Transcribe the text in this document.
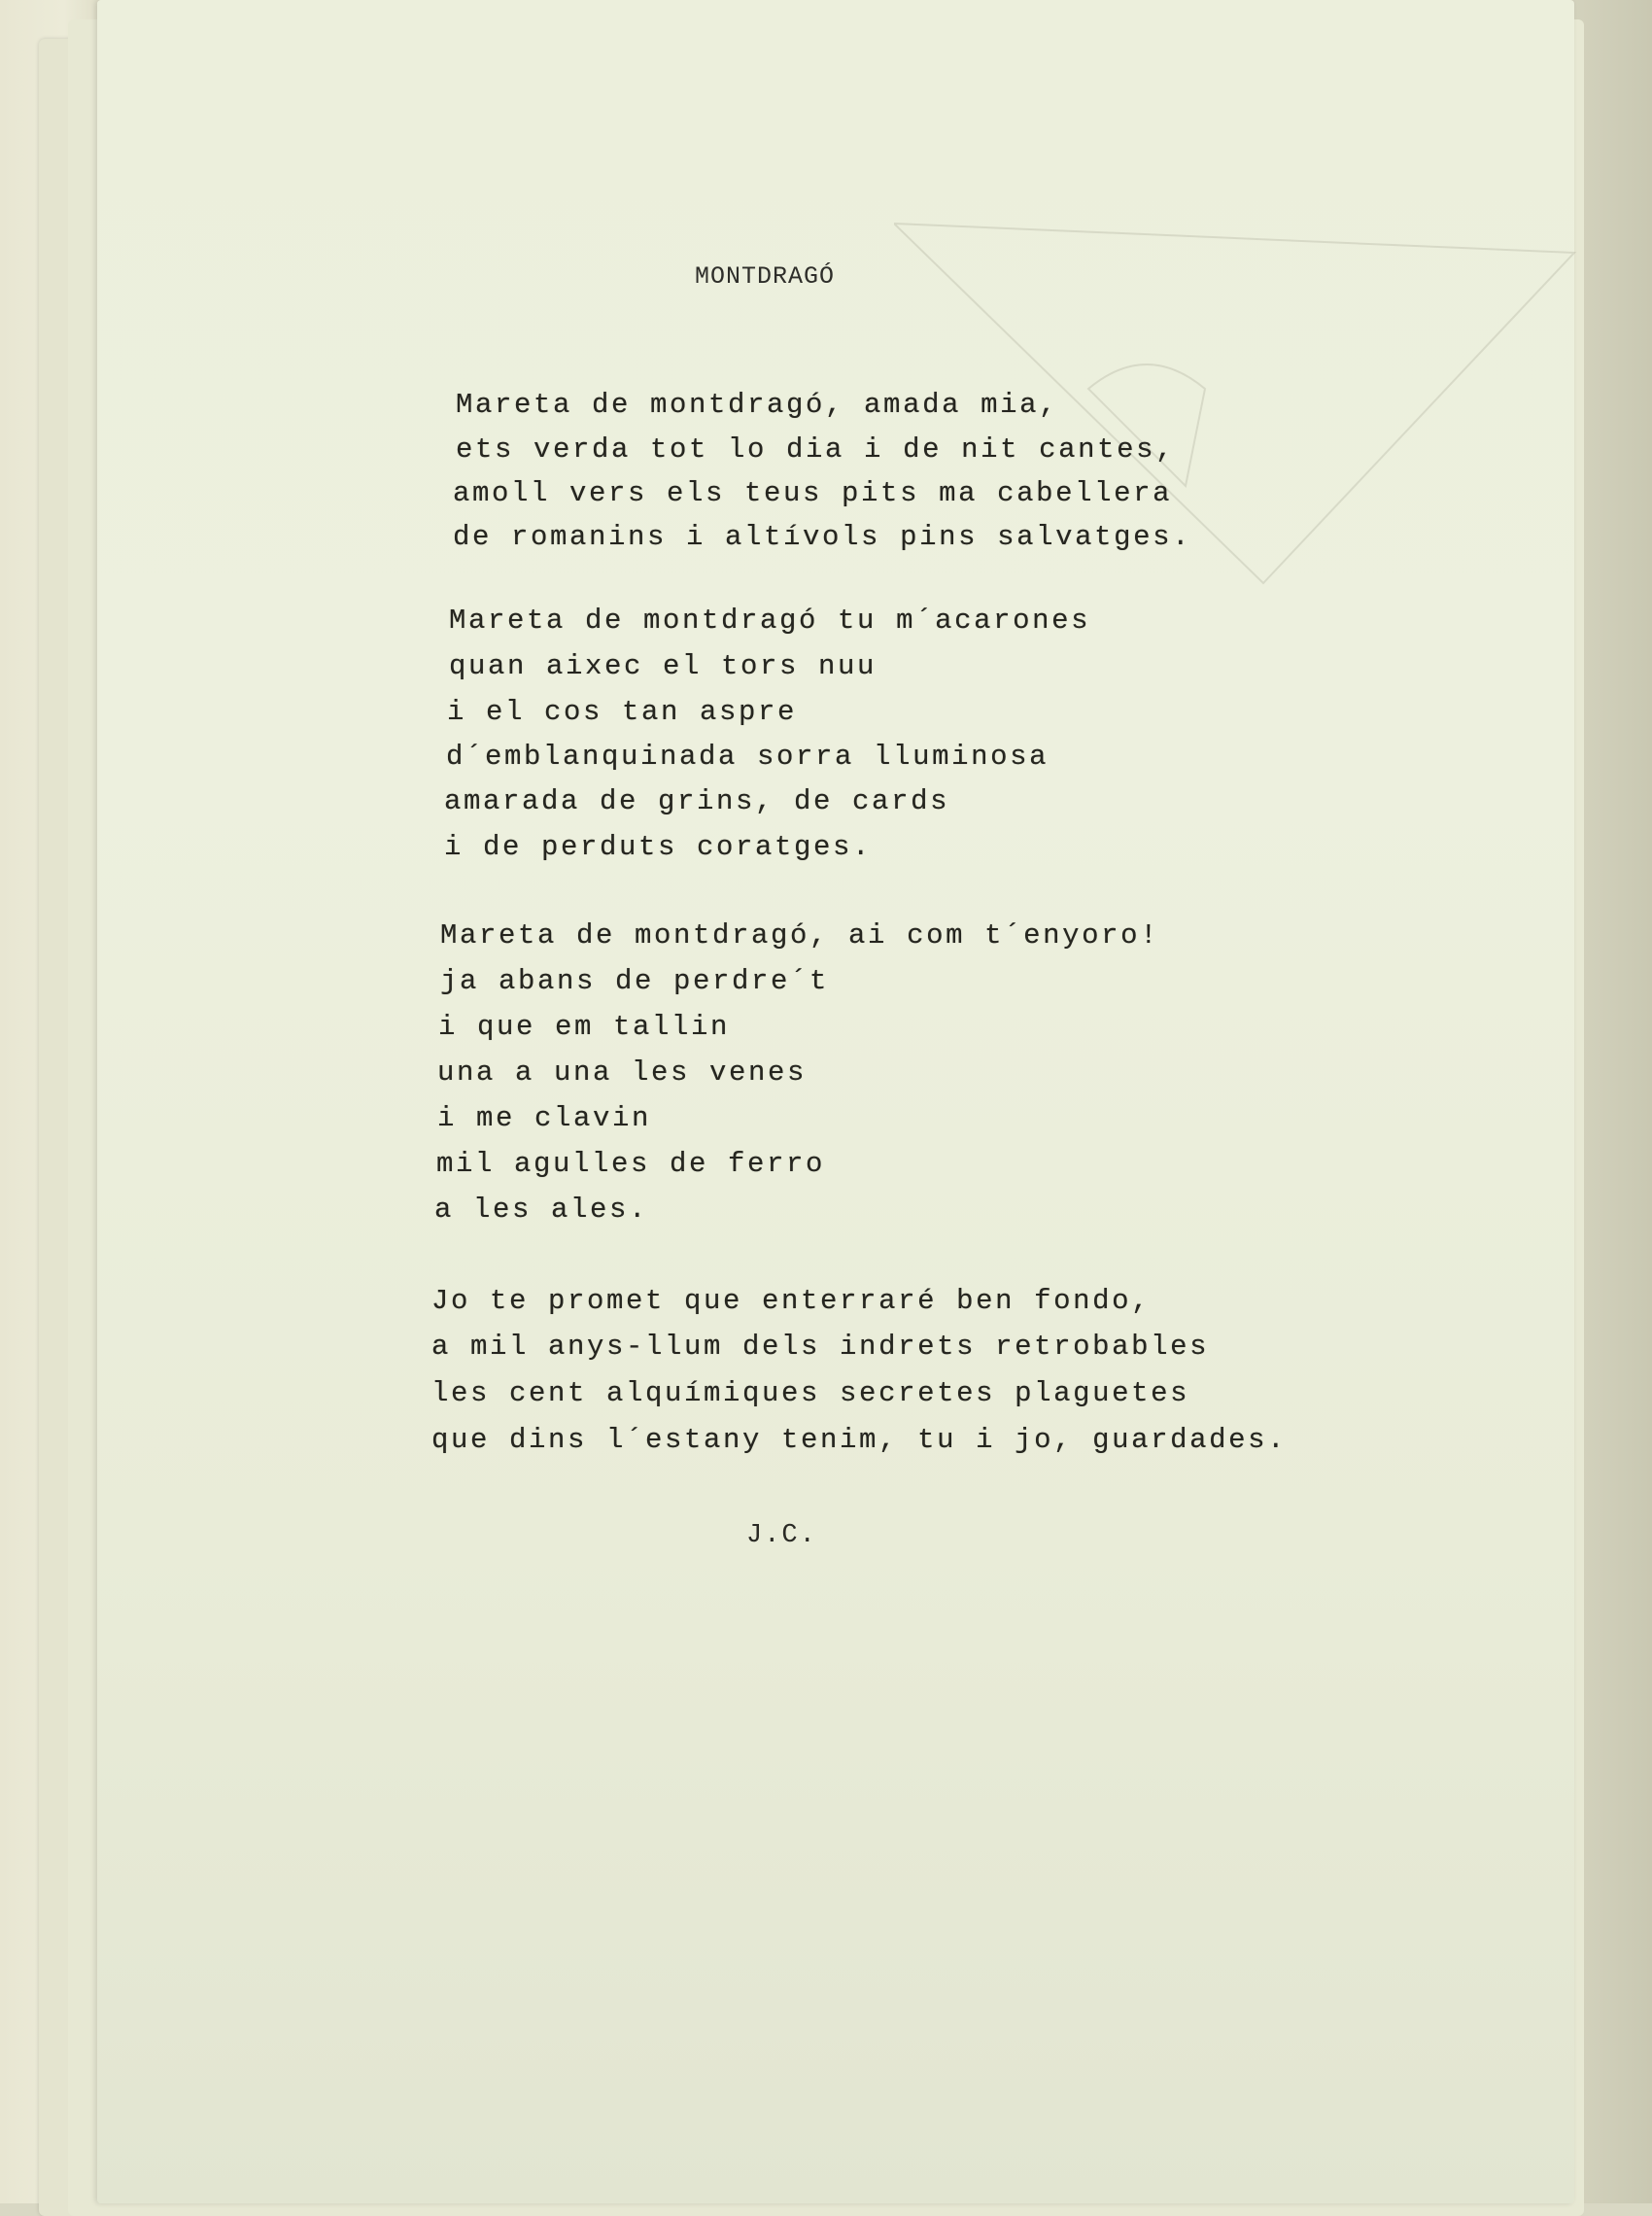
MONTDRAGÓ
Mareta de montdragó, amada mia,
ets verda tot lo dia i de nit cantes,
amoll vers els teus pits ma cabellera
de romanins i altívols pins salvatges.
Mareta de montdragó tu m´acarones
quan aixec el tors nuu
i el cos tan aspre
d´emblanquinada sorra lluminosa
amarada de grins, de cards
i de perduts coratges.
Mareta de montdragó, ai com t´enyoro!
ja abans de perdre´t
i que em tallin
una a una les venes
i me clavin
mil agulles de ferro
a les ales.
Jo te promet que enterraré ben fondo,
a mil anys-llum dels indrets retrobables
les cent alquímiques secretes plaguetes
que dins l´estany tenim, tu i jo, guardades.
J.C.
